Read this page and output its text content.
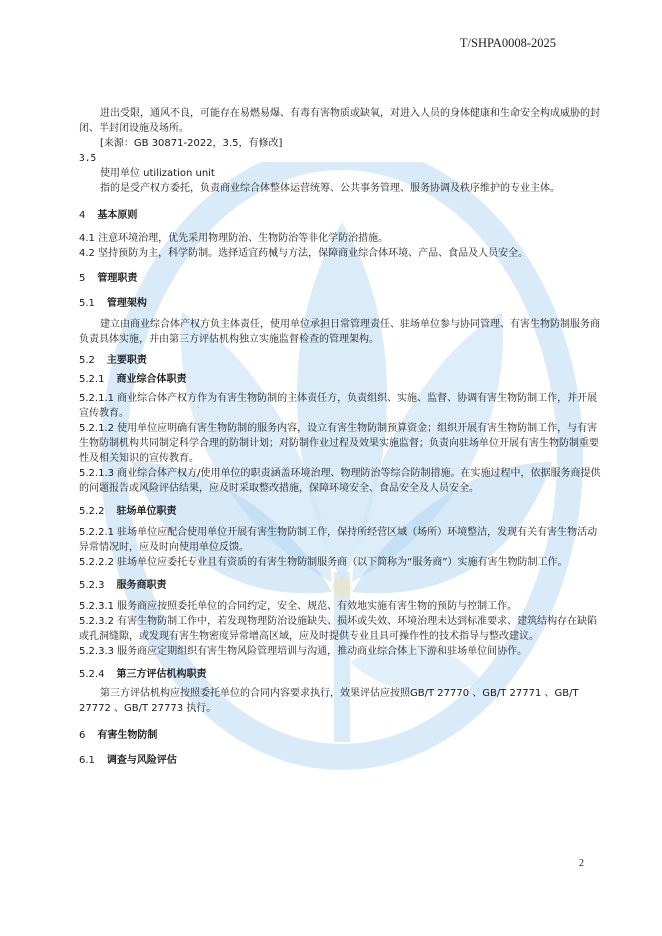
T/SHPA0008-2025

进出受限，通风不良，可能存在易燃易爆、有毒有害物质或缺氧，对进入人员的身体健康和生命安全构成威胁的封闭、半封闭设施及场所。

[来源：GB 30871-2022，3.5，有修改]

3.5

使用单位 utilization unit

指的是受产权方委托，负责商业综合体整体运营统筹、公共事务管理、服务协调及秩序维护的专业主体。

4 基本原则

4.1 注意环境治理，优先采用物理防治、生物防治等非化学防治措施。

4.2 坚持预防为主，科学防制。选择适宜药械与方法，保障商业综合体环境、产品、食品及人员安全。

5 管理职责

5.1 管理架构

建立由商业综合体产权方负主体责任，使用单位承担日常管理责任、驻场单位参与协同管理、有害生物防制服务商负责具体实施，并由第三方评估机构独立实施监督检查的管理架构。

5.2 主要职责

5.2.1 商业综合体职责

5.2.1.1 商业综合体产权方作为有害生物防制的主体责任方，负责组织、实施、监督、协调有害生物防制工作，并开展宣传教育。

5.2.1.2 使用单位应明确有害生物防制的服务内容，设立有害生物防制预算资金；组织开展有害生物防制工作，与有害生物防制机构共同制定科学合理的防制计划；对防制作业过程及效果实施监督；负责向驻场单位开展有害生物防制重要性及相关知识的宣传教育。

5.2.1.3 商业综合体产权方/使用单位的职责涵盖环境治理、物理防治等综合防制措施。在实施过程中，依据服务商提供的问题报告或风险评估结果，应及时采取整改措施，保障环境安全、食品安全及人员安全。

5.2.2 驻场单位职责

5.2.2.1 驻场单位应配合使用单位开展有害生物防制工作，保持所经营区域（场所）环境整洁，发现有关有害生物活动异常情况时，应及时向使用单位反馈。

5.2.2.2 驻场单位应委托专业且有资质的有害生物防制服务商（以下简称为“服务商”）实施有害生物防制工作。

5.2.3 服务商职责

5.2.3.1 服务商应按照委托单位的合同约定，安全、规范、有效地实施有害生物的预防与控制工作。

5.2.3.2 有害生物防制工作中，若发现物理防治设施缺失、损坏或失效、环境治理未达到标准要求、建筑结构存在缺陷或孔洞缝隙，或发现有害生物密度异常增高区域，应及时提供专业且具可操作性的技术指导与整改建议。

5.2.3.3 服务商应定期组织有害生物风险管理培训与沟通，推动商业综合体上下游和驻场单位间协作。

5.2.4 第三方评估机构职责

第三方评估机构应按照委托单位的合同内容要求执行，效果评估应按照GB/T 27770 、GB/T 27771 、GB/T 27772 、GB/T 27773 执行。

6 有害生物防制

6.1 调查与风险评估

2
